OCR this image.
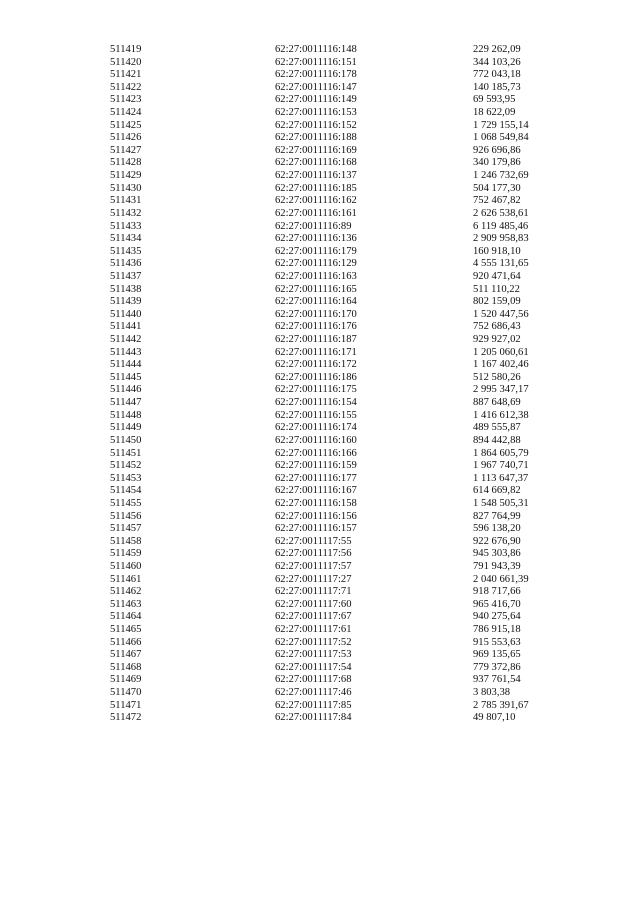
511419	62:27:0011116:148	229 262,09
511420	62:27:0011116:151	344 103,26
511421	62:27:0011116:178	772 043,18
511422	62:27:0011116:147	140 185,73
511423	62:27:0011116:149	69 593,95
511424	62:27:0011116:153	18 622,09
511425	62:27:0011116:152	1 729 155,14
511426	62:27:0011116:188	1 068 549,84
511427	62:27:0011116:169	926 696,86
511428	62:27:0011116:168	340 179,86
511429	62:27:0011116:137	1 246 732,69
511430	62:27:0011116:185	504 177,30
511431	62:27:0011116:162	752 467,82
511432	62:27:0011116:161	2 626 538,61
511433	62:27:0011116:89	6 119 485,46
511434	62:27:0011116:136	2 909 958,83
511435	62:27:0011116:179	160 918,10
511436	62:27:0011116:129	4 555 131,65
511437	62:27:0011116:163	920 471,64
511438	62:27:0011116:165	511 110,22
511439	62:27:0011116:164	802 159,09
511440	62:27:0011116:170	1 520 447,56
511441	62:27:0011116:176	752 686,43
511442	62:27:0011116:187	929 927,02
511443	62:27:0011116:171	1 205 060,61
511444	62:27:0011116:172	1 167 402,46
511445	62:27:0011116:186	512 580,26
511446	62:27:0011116:175	2 995 347,17
511447	62:27:0011116:154	887 648,69
511448	62:27:0011116:155	1 416 612,38
511449	62:27:0011116:174	489 555,87
511450	62:27:0011116:160	894 442,88
511451	62:27:0011116:166	1 864 605,79
511452	62:27:0011116:159	1 967 740,71
511453	62:27:0011116:177	1 113 647,37
511454	62:27:0011116:167	614 669,82
511455	62:27:0011116:158	1 548 505,31
511456	62:27:0011116:156	827 764,99
511457	62:27:0011116:157	596 138,20
511458	62:27:0011117:55	922 676,90
511459	62:27:0011117:56	945 303,86
511460	62:27:0011117:57	791 943,39
511461	62:27:0011117:27	2 040 661,39
511462	62:27:0011117:71	918 717,66
511463	62:27:0011117:60	965 416,70
511464	62:27:0011117:67	940 275,64
511465	62:27:0011117:61	786 915,18
511466	62:27:0011117:52	915 553,63
511467	62:27:0011117:53	969 135,65
511468	62:27:0011117:54	779 372,86
511469	62:27:0011117:68	937 761,54
511470	62:27:0011117:46	3 803,38
511471	62:27:0011117:85	2 785 391,67
511472	62:27:0011117:84	49 807,10
